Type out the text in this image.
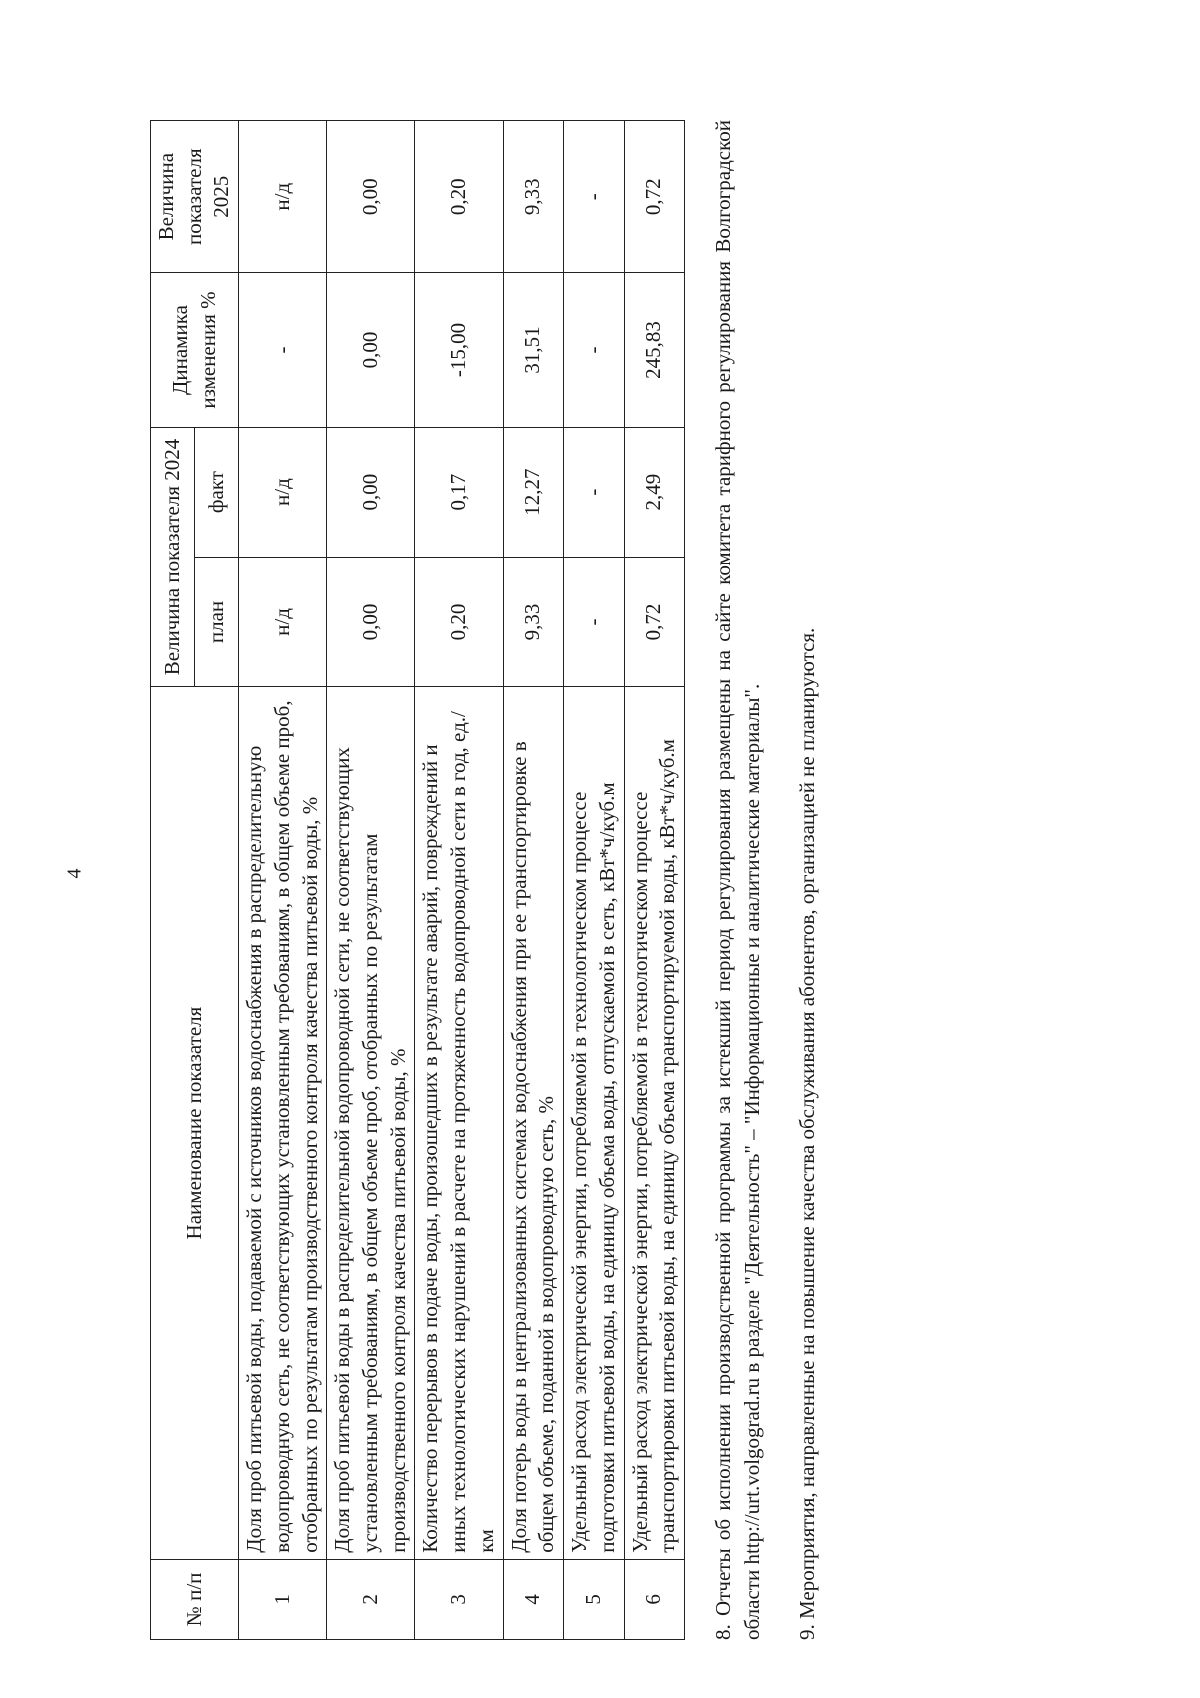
4
№ п/п	Наименование показателя	Величина показателя 2024		Динамика изменения %	Величина показателя 2025
		план	факт		
1	Доля проб питьевой воды, подаваемой с источников водоснабжения в распределительную водопроводную сеть, не соответствующих установленным требованиям, в общем объеме проб, отобранных по результатам производственного контроля качества питьевой воды, %	н/д	н/д	-	н/д
2	Доля проб питьевой воды в распределительной водопроводной сети, не соответствующих установленным требованиям, в общем объеме проб, отобранных по результатам производственного контроля качества питьевой воды, %	0,00	0,00	0,00	0,00
3	Количество перерывов в подаче воды, произошедших в результате аварий, повреждений и иных технологических нарушений в расчете на протяженность водопроводной сети в год, ед./км	0,20	0,17	-15,00	0,20
4	Доля потерь воды в централизованных системах водоснабжения при ее транспортировке в общем объеме, поданной в водопроводную сеть, %	9,33	12,27	31,51	9,33
5	Удельный расход электрической энергии, потребляемой в технологическом процессе подготовки питьевой воды, на единицу объема воды, отпускаемой в сеть, кВт*ч/куб.м	-	-	-	-
6	Удельный расход электрической энергии, потребляемой в технологическом процессе транспортировки питьевой воды, на единицу объема транспортируемой воды, кВт*ч/куб.м	0,72	2,49	245,83	0,72 8. Отчеты об исполнении производственной программы за истекший период регулирования размещены на сайте комитета тарифного регулирования Волгоградской области http://urt.volgograd.ru в разделе "Деятельность" – "Информационные и аналитические материалы". 9. Мероприятия, направленные на повышение качества обслуживания абонентов, организацией не планируются.
